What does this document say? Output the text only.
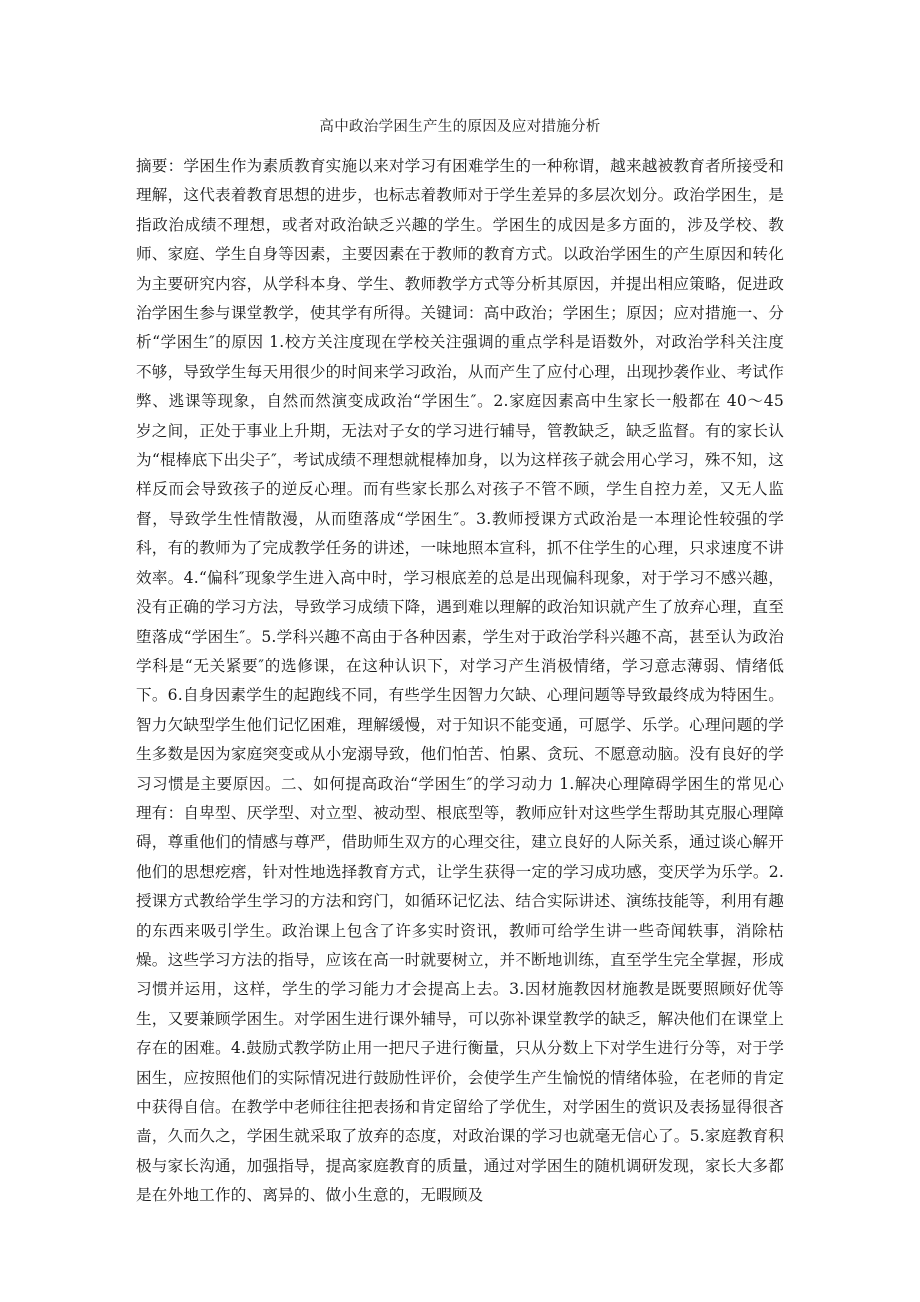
高中政治学困生产生的原因及应对措施分析
摘要：学困生作为素质教育实施以来对学习有困难学生的一种称谓，越来越被教育者所接受和理解，这代表着教育思想的进步，也标志着教师对于学生差异的多层次划分。政治学困生，是指政治成绩不理想，或者对政治缺乏兴趣的学生。学困生的成因是多方面的，涉及学校、教师、家庭、学生自身等因素，主要因素在于教师的教育方式。以政治学困生的产生原因和转化为主要研究内容，从学科本身、学生、教师教学方式等分析其原因，并提出相应策略，促进政治学困生参与课堂教学，使其学有所得。关键词：高中政治；学困生；原因；应对措施一、分析“学困生″的原因 1.校方关注度现在学校关注强调的重点学科是语数外，对政治学科关注度不够，导致学生每天用很少的时间来学习政治，从而产生了应付心理，出现抄袭作业、考试作弊、逃课等现象，自然而然演变成政治“学困生″。2.家庭因素高中生家长一般都在 40～45 岁之间，正处于事业上升期，无法对子女的学习进行辅导，管教缺乏，缺乏监督。有的家长认为“棍棒底下出尖子″，考试成绩不理想就棍棒加身，以为这样孩子就会用心学习，殊不知，这样反而会导致孩子的逆反心理。而有些家长那么对孩子不管不顾，学生自控力差，又无人监督，导致学生性情散漫，从而堕落成“学困生″。3.教师授课方式政治是一本理论性较强的学科，有的教师为了完成教学任务的讲述，一味地照本宣科，抓不住学生的心理，只求速度不讲效率。4.“偏科″现象学生进入高中时，学习根底差的总是出现偏科现象，对于学习不感兴趣，没有正确的学习方法，导致学习成绩下降，遇到难以理解的政治知识就产生了放弃心理，直至堕落成“学困生″。5.学科兴趣不高由于各种因素，学生对于政治学科兴趣不高，甚至认为政治学科是“无关紧要″的选修课，在这种认识下，对学习产生消极情绪，学习意志薄弱、情绪低下。6.自身因素学生的起跑线不同，有些学生因智力欠缺、心理问题等导致最终成为特困生。智力欠缺型学生他们记忆困难，理解缓慢，对于知识不能变通，可愿学、乐学。心理问题的学生多数是因为家庭突变或从小宠溺导致，他们怕苦、怕累、贪玩、不愿意动脑。没有良好的学习习惯是主要原因。二、如何提高政治“学困生″的学习动力 1.解决心理障碍学困生的常见心理有：自卑型、厌学型、对立型、被动型、根底型等，教师应针对这些学生帮助其克服心理障碍，尊重他们的情感与尊严，借助师生双方的心理交往，建立良好的人际关系，通过谈心解开他们的思想疙瘩，针对性地选择教育方式，让学生获得一定的学习成功感，变厌学为乐学。2.授课方式教给学生学习的方法和窍门，如循环记忆法、结合实际讲述、演练技能等，利用有趣的东西来吸引学生。政治课上包含了许多实时资讯，教师可给学生讲一些奇闻轶事，消除枯燥。这些学习方法的指导，应该在高一时就要树立，并不断地训练，直至学生完全掌握，形成习惯并运用，这样，学生的学习能力才会提高上去。3.因材施教因材施教是既要照顾好优等生，又要兼顾学困生。对学困生进行课外辅导，可以弥补课堂教学的缺乏，解决他们在课堂上存在的困难。4.鼓励式教学防止用一把尺子进行衡量，只从分数上下对学生进行分等，对于学困生，应按照他们的实际情况进行鼓励性评价，会使学生产生愉悦的情绪体验，在老师的肯定中获得自信。在教学中老师往往把表扬和肯定留给了学优生，对学困生的赏识及表扬显得很吝啬，久而久之，学困生就采取了放弃的态度，对政治课的学习也就毫无信心了。5.家庭教育积极与家长沟通，加强指导，提高家庭教育的质量，通过对学困生的随机调研发现，家长大多都是在外地工作的、离异的、做小生意的，无暇顾及
